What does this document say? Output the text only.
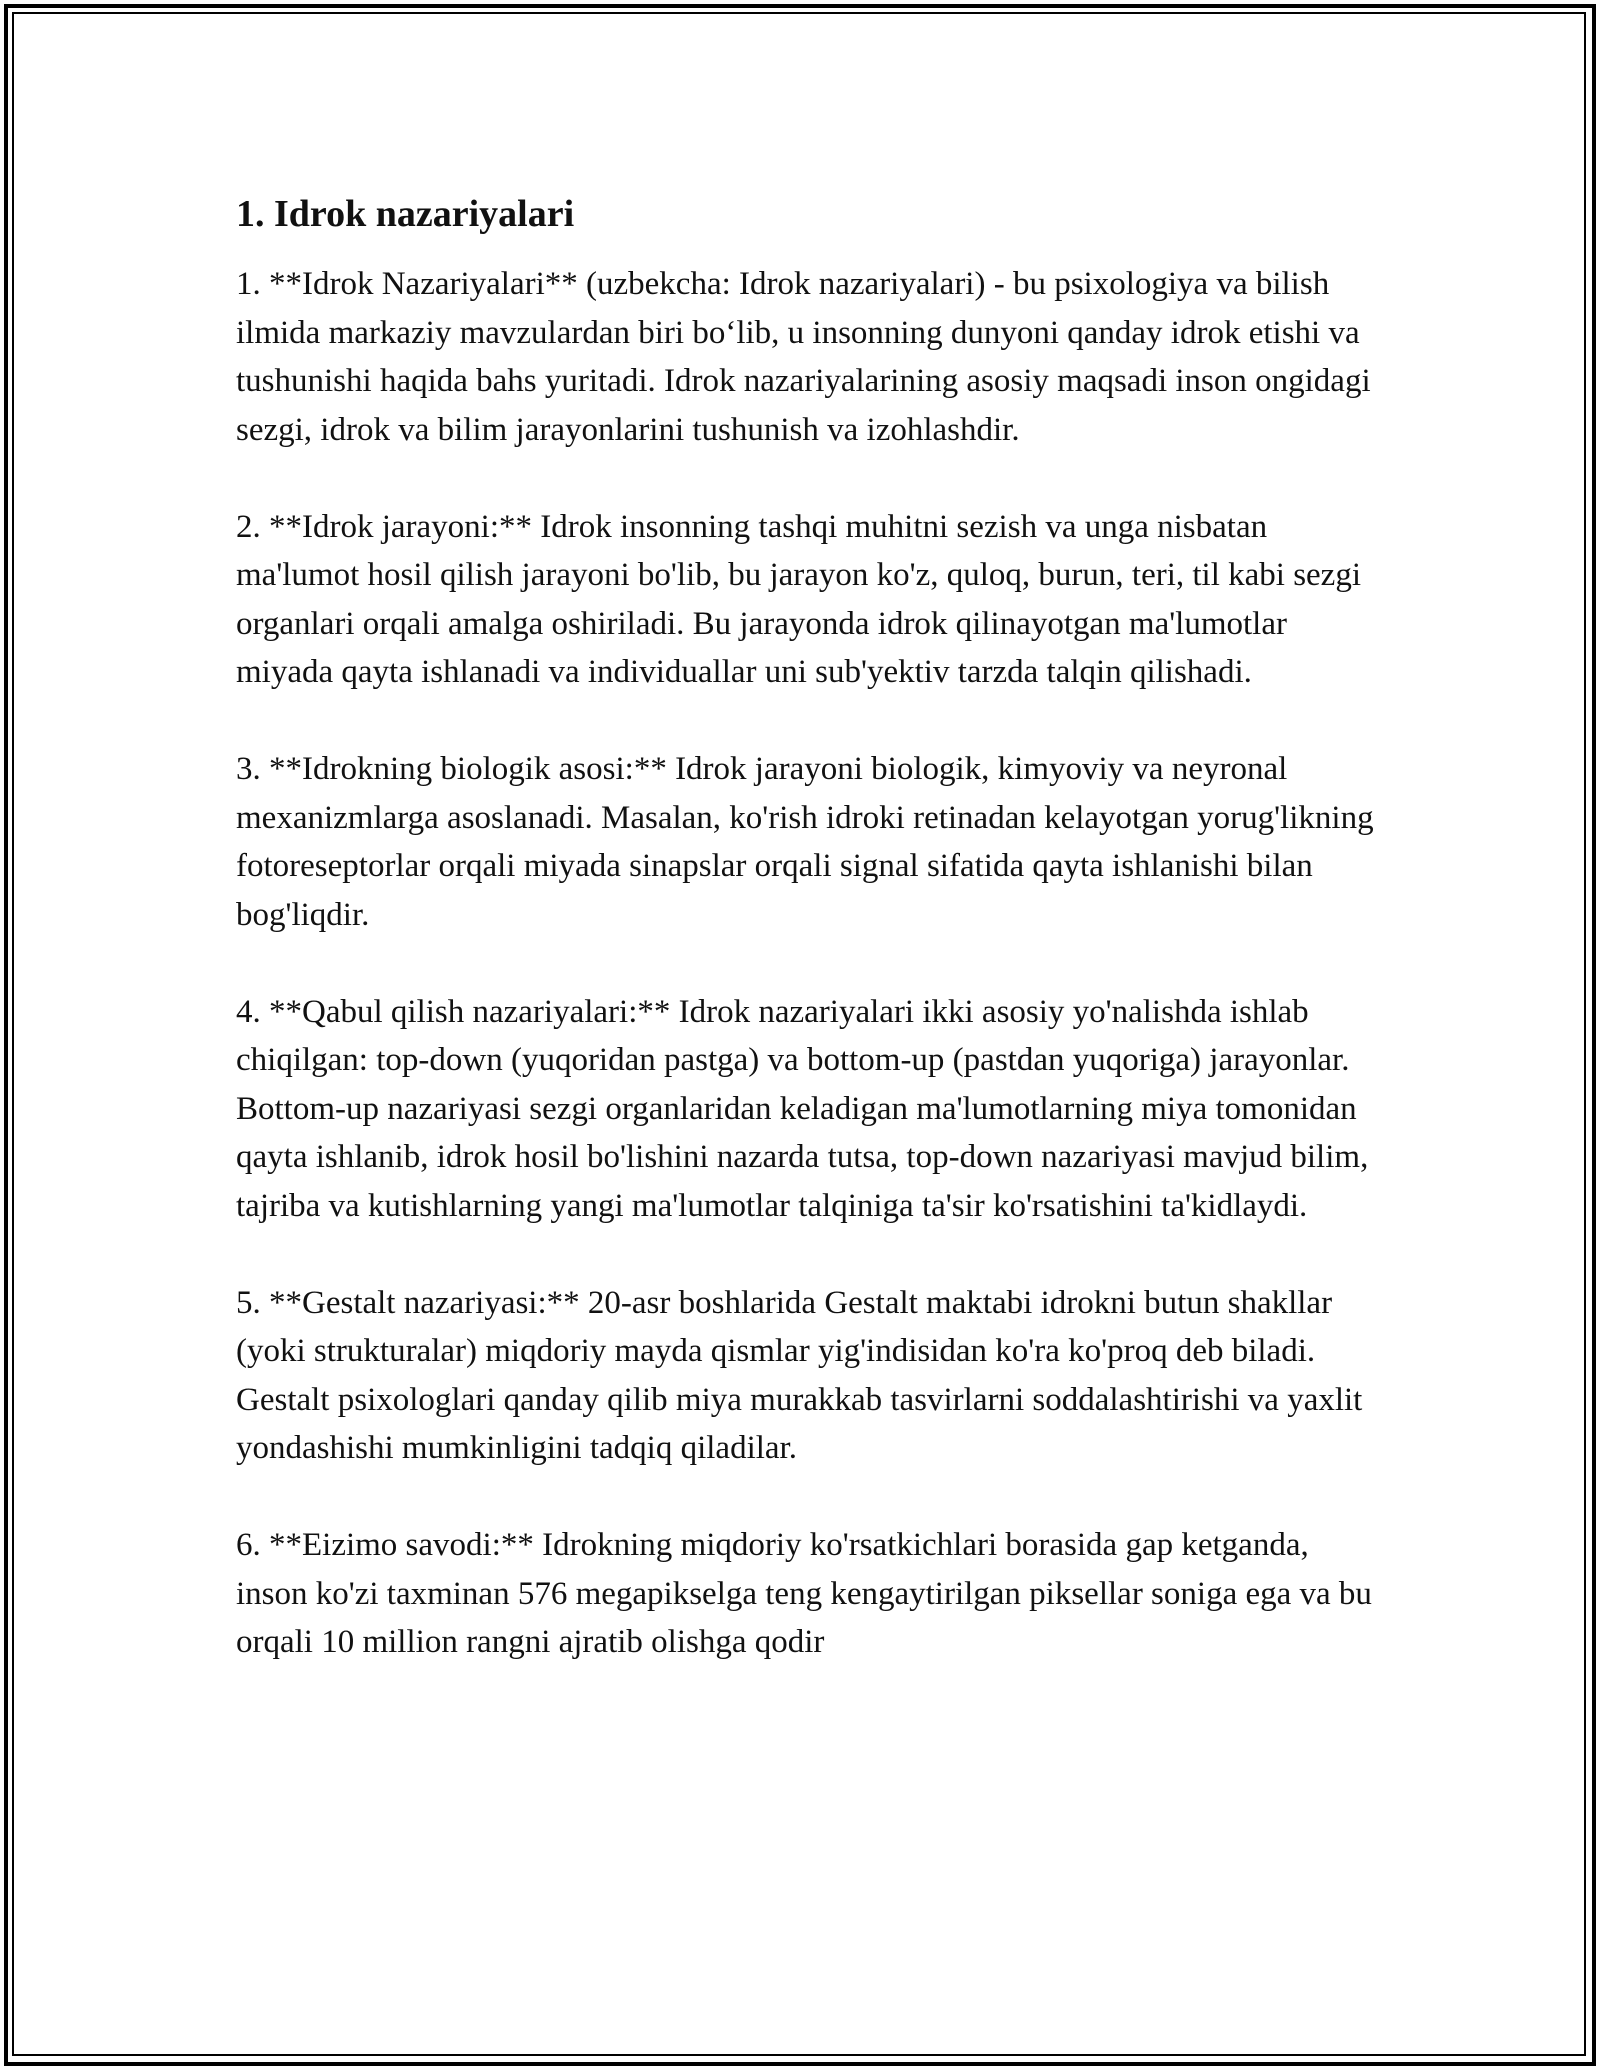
1. Idrok nazariyalari

1. **Idrok Nazariyalari** (uzbekcha: Idrok nazariyalari) - bu psixologiya va bilish ilmida markaziy mavzulardan biri bo‘lib, u insonning dunyoni qanday idrok etishi va tushunishi haqida bahs yuritadi. Idrok nazariyalarining asosiy maqsadi inson ongidagi sezgi, idrok va bilim jarayonlarini tushunish va izohlashdir.

2. **Idrok jarayoni:** Idrok insonning tashqi muhitni sezish va unga nisbatan ma'lumot hosil qilish jarayoni bo'lib, bu jarayon ko'z, quloq, burun, teri, til kabi sezgi organlari orqali amalga oshiriladi. Bu jarayonda idrok qilinayotgan ma'lumotlar miyada qayta ishlanadi va individuallar uni sub'yektiv tarzda talqin qilishadi.

3. **Idrokning biologik asosi:** Idrok jarayoni biologik, kimyoviy va neyronal mexanizmlarga asoslanadi. Masalan, ko'rish idroki retinadan kelayotgan yorug'likning fotoreseptorlar orqali miyada sinapslar orqali signal sifatida qayta ishlanishi bilan bog'liqdir.

4. **Qabul qilish nazariyalari:** Idrok nazariyalari ikki asosiy yo'nalishda ishlab chiqilgan: top-down (yuqoridan pastga) va bottom-up (pastdan yuqoriga) jarayonlar. Bottom-up nazariyasi sezgi organlaridan keladigan ma'lumotlarning miya tomonidan qayta ishlanib, idrok hosil bo'lishini nazarda tutsa, top-down nazariyasi mavjud bilim, tajriba va kutishlarning yangi ma'lumotlar talqiniga ta'sir ko'rsatishini ta'kidlaydi.

5. **Gestalt nazariyasi:** 20-asr boshlarida Gestalt maktabi idrokni butun shakllar (yoki strukturalar) miqdoriy mayda qismlar yig'indisidan ko'ra ko'proq deb biladi. Gestalt psixologlari qanday qilib miya murakkab tasvirlarni soddalashtirishi va yaxlit yondashishi mumkinligini tadqiq qiladilar.

6. **Eizimo savodi:** Idrokning miqdoriy ko'rsatkichlari borasida gap ketganda, inson ko'zi taxminan 576 megapikselga teng kengaytirilgan piksellar soniga ega va bu orqali 10 million rangni ajratib olishga qodir
